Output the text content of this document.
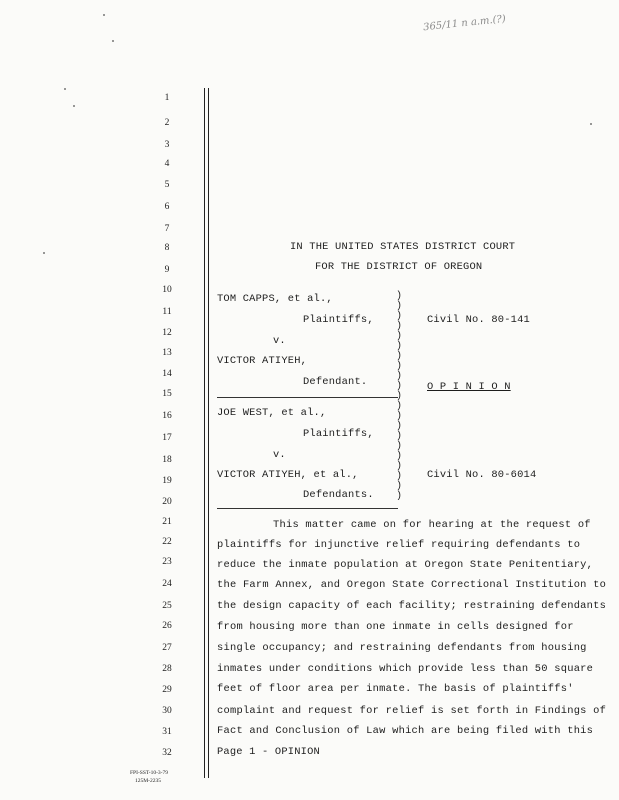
365/11 n a.m.(?)
1
2
3
4
5
6
7
8
9
10
11
12
13
14
15
16
17
18
19
20
21
22
23
24
25
26
27
28
29
30
31
32
IN THE UNITED STATES DISTRICT COURT
FOR THE DISTRICT OF OREGON
TOM CAPPS, et al.,
Plaintiffs,	Civil No. 80-141
v.
VICTOR ATIYEH,
Defendant.	O P I N I O N
JOE WEST, et al.,
Plaintiffs,
v.
VICTOR ATIYEH, et al.,	Civil No. 80-6014
Defendants.
)
)
)
)
)
)
)
)
)
)
)
)
)
)
)
)
)
)
)
)
)
This matter came on for hearing at the request of
plaintiffs for injunctive relief requiring defendants to
reduce the inmate population at Oregon State Penitentiary,
the Farm Annex, and Oregon State Correctional Institution to
the design capacity of each facility; restraining defendants
from housing more than one inmate in cells designed for
single occupancy; and restraining defendants from housing
inmates under conditions which provide less than 50 square
feet of floor area per inmate. The basis of plaintiffs'
complaint and request for relief is set forth in Findings of
Fact and Conclusion of Law which are being filed with this
Page 1 - OPINION
FPI-SST-10-3-79
125M-2235
